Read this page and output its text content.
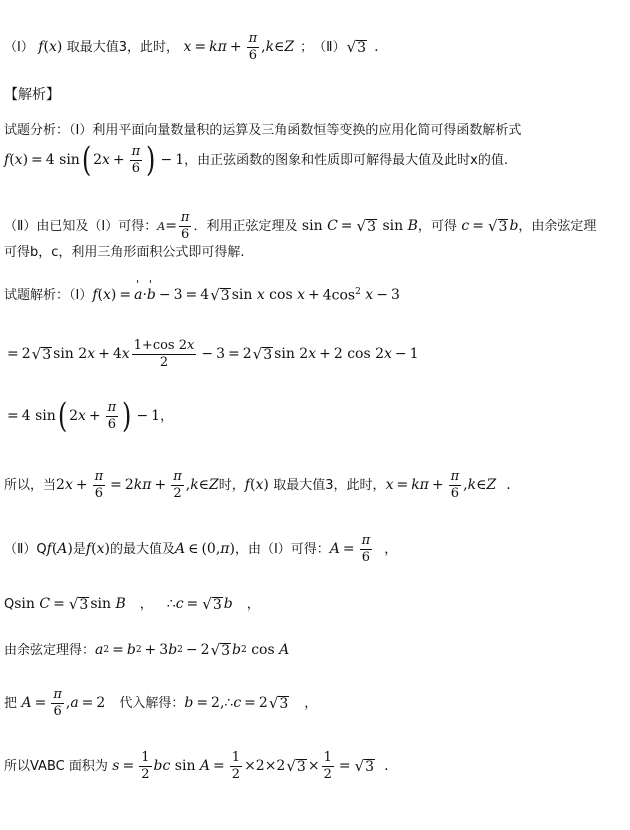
（Ⅰ） f ( x ) 取最大值3，此时， $x = k\pi + \frac{\pi}{6}$ , k∈Z ； （Ⅱ） √ 3 .
【解析】
试题分析：（Ⅰ）利用平面向量数量积的运算及三角函数恒等变换的应用化简可得函数解析式
f ( x ) = 4 sin ( 2 $x + \frac{\pi}{6}$ ) − 1 ，由正弦函数的图象和性质即可解得最大值及此时x的值.
（Ⅱ）由已知及（Ⅰ）可得： $A = \frac{\pi}{6}$ ．利用正弦定理及 sin C = √ 3 sin B ，可得 c = √ 3 b ，由余弦定理
可得b，c，利用三角形面积公式即可得解.
试题解析：（Ⅰ） f ( x ) = ' a · ' b − 3 = 4 √ 3 sin x $\cos x + 4\cos^2$ x − 3
= 2 √ 3 sin 2 x + 4 x $\frac{1+\cos 2x}{2} - 3 = 2$ √ 3 sin 2 x + 2 cos 2 x − 1
= 4 sin ( 2 $x + \frac{\pi}{6}$ ) − 1 ，
所以，当 2 $x + \frac{\pi}{6} = 2$ $k\pi + \frac{\pi}{2}$ , k∈Z 时， f ( x ) 取最大值3，此时， $x = k\pi + \frac{\pi}{6}$ , k∈Z .
（Ⅱ）Q f ( A ) 是 f ( x ) 的最大值及 A ∈ (0, π ) ，由（Ⅰ）可得： $A = \frac{\pi}{6}$ ，
Q sin C = √ 3 sin B ， ∴ c = √ 3 b ，
由余弦定理得： a 2 = b 2 + 3 b 2 − 2 √ 3 b 2 cos A
把 $A = \frac{\pi}{6}$ , a = 2 代入解得： b = 2,∴ c = 2 √ 3 ，
所以VABC 面积为 $s = \frac{1}{2}$ bc $\sin A = \frac{1}{2} \times 2\times 2$ √ $3 \times \frac{1}{2}$ = √ 3 .
